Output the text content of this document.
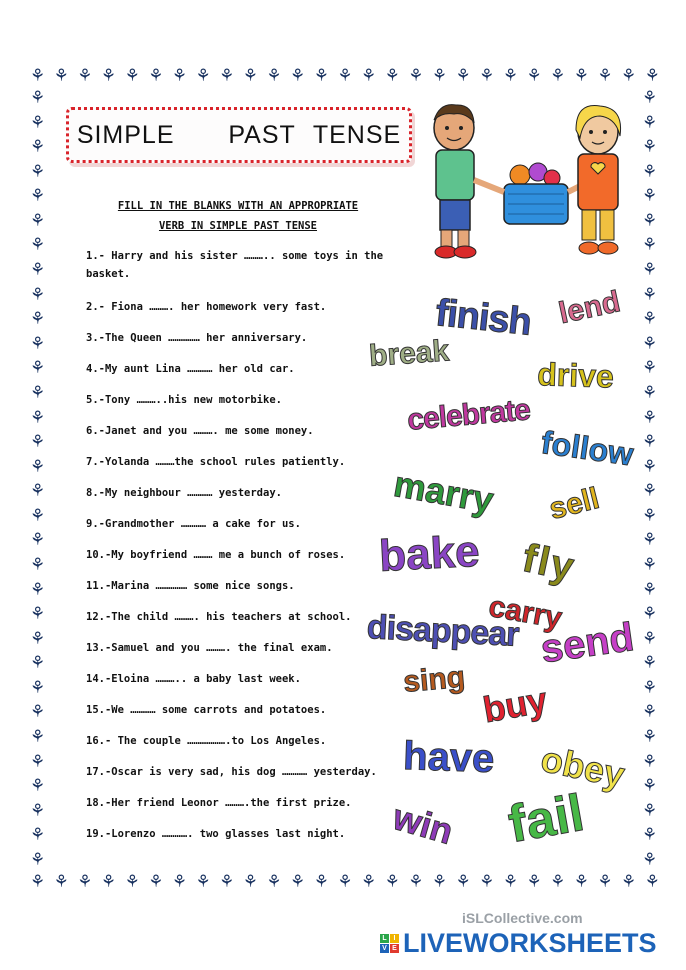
⚘ ⚘ ⚘ ⚘ ⚘ ⚘ ⚘ ⚘ ⚘ ⚘ ⚘ ⚘ ⚘ ⚘ ⚘ ⚘ ⚘ ⚘ ⚘ ⚘ ⚘ ⚘ ⚘ ⚘ ⚘ ⚘ ⚘
⚘ ⚘ ⚘ ⚘ ⚘ ⚘ ⚘ ⚘ ⚘ ⚘ ⚘ ⚘ ⚘ ⚘ ⚘ ⚘ ⚘ ⚘ ⚘ ⚘ ⚘ ⚘ ⚘ ⚘ ⚘ ⚘ ⚘
⚘
⚘
⚘
⚘
⚘
⚘
⚘
⚘
⚘
⚘
⚘
⚘
⚘
⚘
⚘
⚘
⚘
⚘
⚘
⚘
⚘
⚘
⚘
⚘
⚘
⚘
⚘
⚘
⚘
⚘
⚘
⚘
⚘
⚘
⚘
⚘
⚘
⚘
⚘
⚘
⚘
⚘
⚘
⚘
⚘
⚘
⚘
⚘
⚘
⚘
⚘
⚘
⚘
⚘
⚘
⚘
⚘
⚘
⚘
⚘
⚘
⚘
⚘
⚘
SIMPLE   PAST TENSE
FILL IN THE BLANKS WITH AN APPROPRIATE
VERB IN SIMPLE PAST TENSE
1.- Harry and his sister ……….. some toys in the basket.
2.- Fiona ………. her homework very fast.
3.-The Queen …………… her anniversary.
4.-My aunt Lina ………… her old car.
5.-Tony ………..his new motorbike.
6.-Janet and you ………. me some money.
7.-Yolanda ………the school rules patiently.
8.-My neighbour ………… yesterday.
9.-Grandmother ………… a cake for us.
10.-My boyfriend ……… me a bunch of roses.
11.-Marina …………… some nice songs.
12.-The child ………. his teachers at school.
13.-Samuel and you ………. the final exam.
14.-Eloina ……….. a baby last week.
15.-We ………… some carrots and potatoes.
16.- The couple ……………….to Los Angeles.
17.-Oscar is very sad, his dog ………… yesterday.
18.-Her friend Leonor ……….the first prize.
19.-Lorenzo …………. two glasses last night.
finish lend
break
drive
celebrate
follow
marry sell
bake fly
carry
disappear send
sing buy
have obey
win fail
iSLCollective.com
L I
V E LIVEWORKSHEETS
